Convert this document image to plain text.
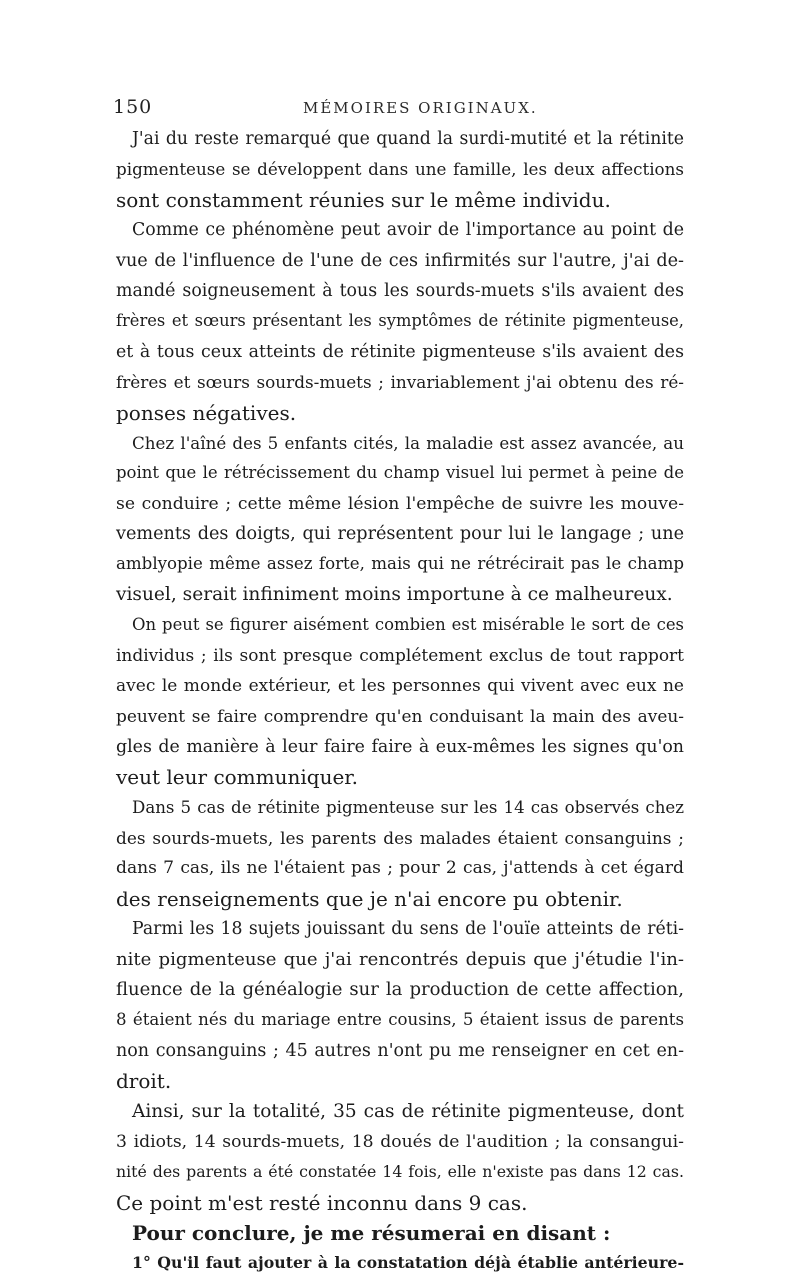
150	MÉMOIRES ORIGINAUX.
J'ai du reste remarqué que quand la surdi-mutité et la rétinite
pigmenteuse se développent dans une famille, les deux affections
sont constamment réunies sur le même individu.
Comme ce phénomène peut avoir de l'importance au point de
vue de l'influence de l'une de ces infirmités sur l'autre, j'ai de-
mandé soigneusement à tous les sourds-muets s'ils avaient des
frères et sœurs présentant les symptômes de rétinite pigmenteuse,
et à tous ceux atteints de rétinite pigmenteuse s'ils avaient des
frères et sœurs sourds-muets ; invariablement j'ai obtenu des ré-
ponses négatives.
Chez l'aîné des 5 enfants cités, la maladie est assez avancée, au
point que le rétrécissement du champ visuel lui permet à peine de
se conduire ; cette même lésion l'empêche de suivre les mouve-
vements des doigts, qui représentent pour lui le langage ; une
amblyopie même assez forte, mais qui ne rétrécirait pas le champ
visuel, serait infiniment moins importune à ce malheureux.
On peut se figurer aisément combien est misérable le sort de ces
individus ; ils sont presque complétement exclus de tout rapport
avec le monde extérieur, et les personnes qui vivent avec eux ne
peuvent se faire comprendre qu'en conduisant la main des aveu-
gles de manière à leur faire faire à eux-mêmes les signes qu'on
veut leur communiquer.
Dans 5 cas de rétinite pigmenteuse sur les 14 cas observés chez
des sourds-muets, les parents des malades étaient consanguins ;
dans 7 cas, ils ne l'étaient pas ; pour 2 cas, j'attends à cet égard
des renseignements que je n'ai encore pu obtenir.
Parmi les 18 sujets jouissant du sens de l'ouïe atteints de réti-
nite pigmenteuse que j'ai rencontrés depuis que j'étudie l'in-
fluence de la généalogie sur la production de cette affection,
8 étaient nés du mariage entre cousins, 5 étaient issus de parents
non consanguins ; 45 autres n'ont pu me renseigner en cet en-
droit.
Ainsi, sur la totalité, 35 cas de rétinite pigmenteuse, dont
3 idiots, 14 sourds-muets, 18 doués de l'audition ; la consangui-
nité des parents a été constatée 14 fois, elle n'existe pas dans 12 cas.
Ce point m'est resté inconnu dans 9 cas.
Pour conclure, je me résumerai en disant :
1° Qu'il faut ajouter à la constatation déjà établie antérieure-
